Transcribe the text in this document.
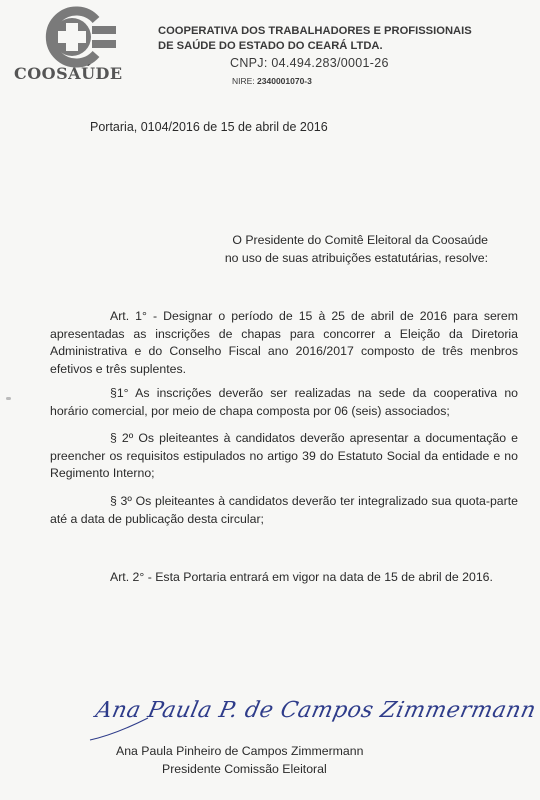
COOSAÚDE
COOPERATIVA DOS TRABALHADORES E PROFISSIONAIS
DE SAÚDE DO ESTADO DO CEARÁ LTDA.
CNPJ: 04.494.283/0001-26
NIRE: 2340001070-3
Portaria, 0104/2016 de 15 de abril de 2016
O Presidente do Comitê Eleitoral da Coosaúde
no uso de suas atribuições estatutárias, resolve:
Art. 1° - Designar o período de 15 à 25 de abril de 2016 para serem apresentadas as inscrições de chapas para concorrer a Eleição da Diretoria Administrativa e do Conselho Fiscal ano 2016/2017 composto de três menbros efetivos e três suplentes.
§1° As inscrições deverão ser realizadas na sede da cooperativa no horário comercial, por meio de chapa composta por 06 (seis) associados;
§ 2º Os pleiteantes à candidatos deverão apresentar a documentação e preencher os requisitos estipulados no artigo 39 do Estatuto Social da entidade e no Regimento Interno;
§ 3º Os pleiteantes à candidatos deverão ter integralizado sua quota-parte até a data de publicação desta circular;
Art. 2° - Esta Portaria entrará em vigor na data de 15 de abril de 2016.
Ana Paula P. de Campos Zimmermann
Ana Paula Pinheiro de Campos Zimmermann
Presidente Comissão Eleitoral
